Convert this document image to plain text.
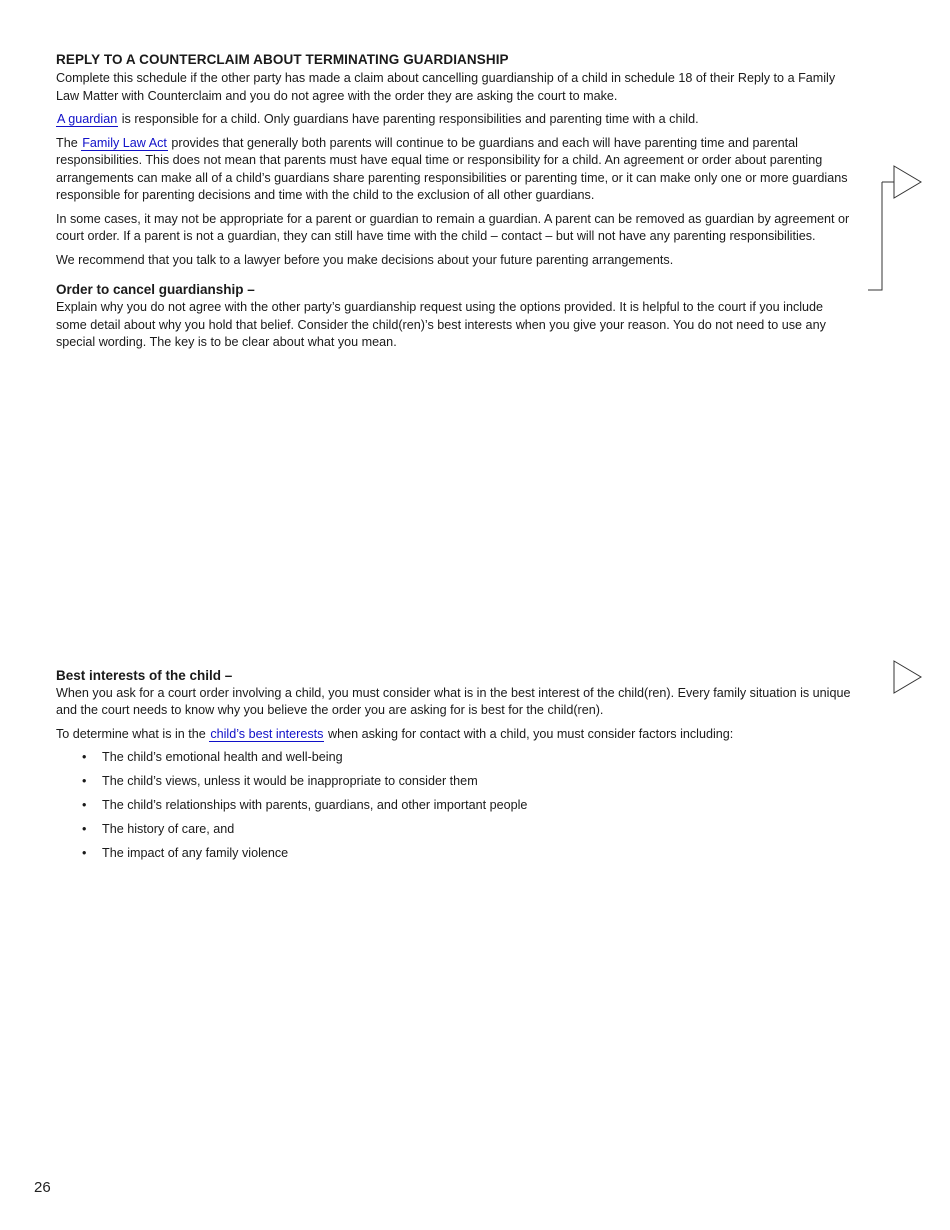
REPLY TO A COUNTERCLAIM ABOUT TERMINATING GUARDIANSHIP

Complete this schedule if the other party has made a claim about cancelling guardianship of a child in schedule 18 of their Reply to a Family Law Matter with Counterclaim and you do not agree with the order they are asking the court to make.

A guardian is responsible for a child. Only guardians have parenting responsibilities and parenting time with a child.

The Family Law Act provides that generally both parents will continue to be guardians and each will have parenting time and parental responsibilities. This does not mean that parents must have equal time or responsibility for a child. An agreement or order about parenting arrangements can make all of a child’s guardians share parenting responsibilities or parenting time, or it can make only one or more guardians responsible for parenting decisions and time with the child to the exclusion of all other guardians.

In some cases, it may not be appropriate for a parent or guardian to remain a guardian. A parent can be removed as guardian by agreement or court order. If a parent is not a guardian, they can still have time with the child – contact – but will not have any parenting responsibilities.

We recommend that you talk to a lawyer before you make decisions about your future parenting arrangements.

Order to cancel guardianship –

Explain why you do not agree with the other party’s guardianship request using the options provided. It is helpful to the court if you include some detail about why you hold that belief. Consider the child(ren)’s best interests when you give your reason. You do not need to use any special wording. The key is to be clear about what you mean.

Best interests of the child –

When you ask for a court order involving a child, you must consider what is in the best interest of the child(ren). Every family situation is unique and the court needs to know why you believe the order you are asking for is best for the child(ren).

To determine what is in the child’s best interests when asking for contact with a child, you must consider factors including:

• The child’s emotional health and well-being
• The child’s views, unless it would be inappropriate to consider them
• The child’s relationships with parents, guardians, and other important people
• The history of care, and
• The impact of any family violence
26
